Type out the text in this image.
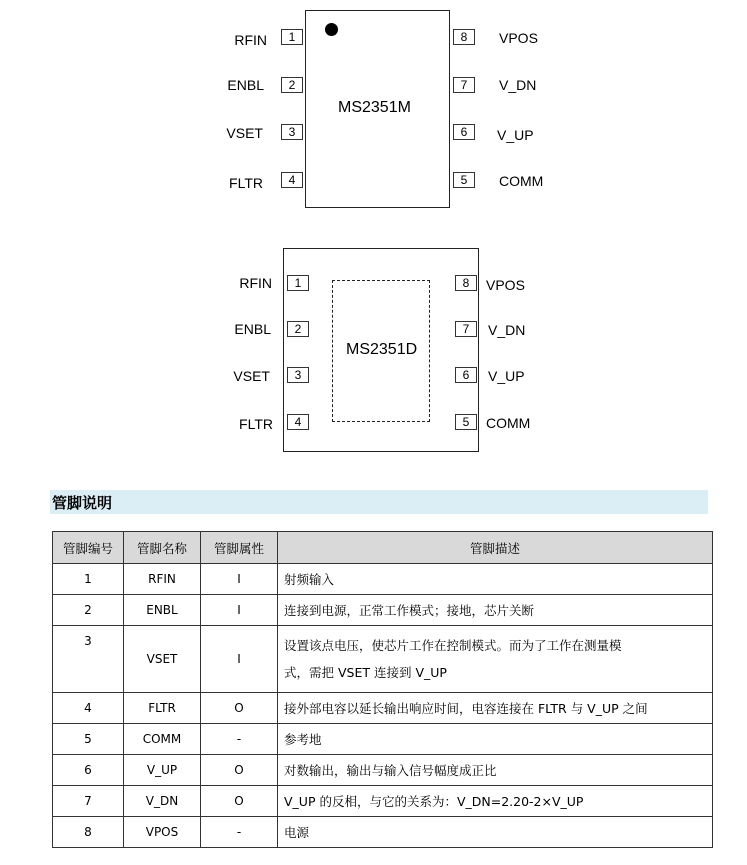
MS2351M
RFIN	1
ENBL	2
VSET	3
FLTR	4
8	VPOS
7	V_DN
6	V_UP
5	COMM
MS2351D
RFIN	1
ENBL	2
VSET	3
FLTR	4
8	VPOS
7	V_DN
6	V_UP
5	COMM
管脚说明
管脚编号	管脚名称	管脚属性	管脚描述
1	RFIN	I	射频输入
2	ENBL	I	连接到电源，正常工作模式；接地，芯片关断
3	VSET	I	设置该点电压，使芯片工作在控制模式。而为了工作在测量模
式，需把 VSET 连接到 V_UP

4	FLTR	O	接外部电容以延长输出响应时间，电容连接在 FLTR 与 V_UP 之间
5	COMM	-	参考地
6	V_UP	O	对数输出，输出与输入信号幅度成正比
7	V_DN	O	V_UP 的反相，与它的关系为：V_DN=2.20-2×V_UP
8	VPOS	-	电源
